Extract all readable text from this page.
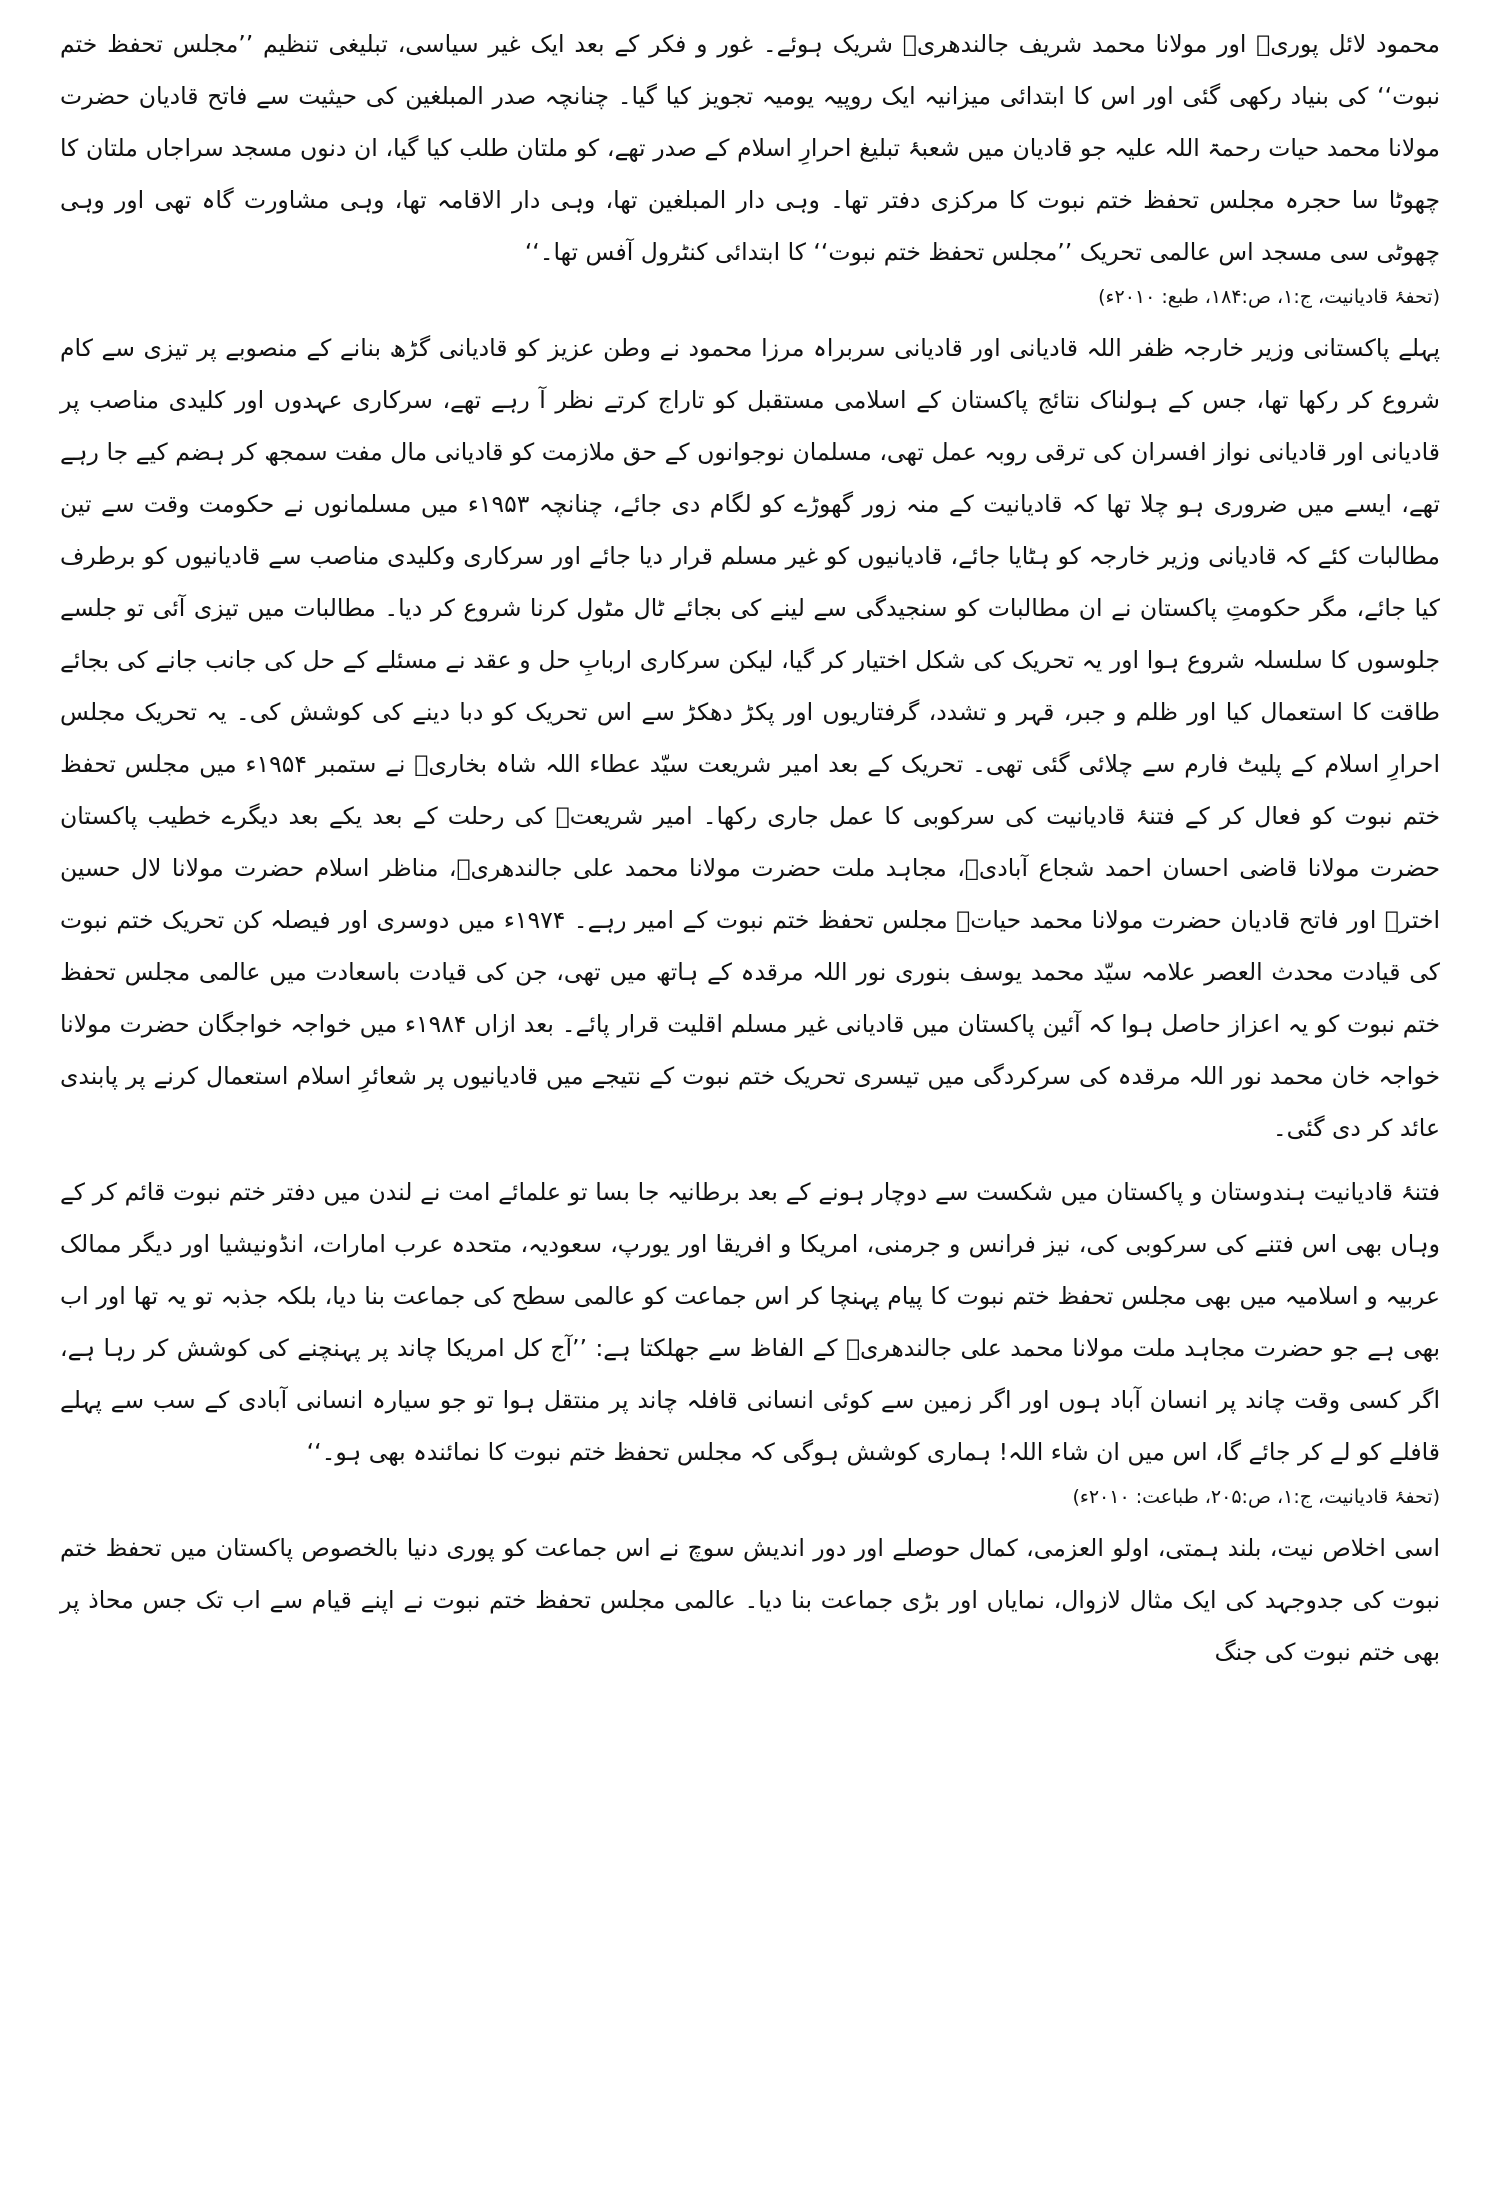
محمود لائل پوریؒ اور مولانا محمد شریف جالندھریؒ شریک ہوئے۔ غور و فکر کے بعد ایک غیر سیاسی، تبلیغی تنظیم ’’مجلس تحفظ ختم نبوت‘‘ کی بنیاد رکھی گئی اور اس کا ابتدائی میزانیہ ایک روپیہ یومیہ تجویز کیا گیا۔ چنانچہ صدر المبلغین کی حیثیت سے فاتح قادیان حضرت مولانا محمد حیات رحمۃ اللہ علیہ جو قادیان میں شعبۂ تبلیغ احرارِ اسلام کے صدر تھے، کو ملتان طلب کیا گیا، ان دنوں مسجد سراجاں ملتان کا چھوٹا سا حجرہ مجلس تحفظ ختم نبوت کا مرکزی دفتر تھا۔ وہی دار المبلغین تھا، وہی دار الاقامہ تھا، وہی مشاورت گاہ تھی اور وہی چھوٹی سی مسجد اس عالمی تحریک ’’مجلس تحفظ ختم نبوت‘‘ کا ابتدائی کنٹرول آفس تھا۔‘‘

(تحفۂ قادیانیت، ج:۱، ص:۱۸۴، طبع: ۲۰۱۰ء)

پہلے پاکستانی وزیر خارجہ ظفر اللہ قادیانی اور قادیانی سربراہ مرزا محمود نے وطن عزیز کو قادیانی گڑھ بنانے کے منصوبے پر تیزی سے کام شروع کر رکھا تھا، جس کے ہولناک نتائج پاکستان کے اسلامی مستقبل کو تاراج کرتے نظر آ رہے تھے، سرکاری عہدوں اور کلیدی مناصب پر قادیانی اور قادیانی نواز افسران کی ترقی روبہ عمل تھی، مسلمان نوجوانوں کے حق ملازمت کو قادیانی مال مفت سمجھ کر ہضم کیے جا رہے تھے، ایسے میں ضروری ہو چلا تھا کہ قادیانیت کے منہ زور گھوڑے کو لگام دی جائے، چنانچہ ۱۹۵۳ء میں مسلمانوں نے حکومت وقت سے تین مطالبات کئے کہ قادیانی وزیر خارجہ کو ہٹایا جائے، قادیانیوں کو غیر مسلم قرار دیا جائے اور سرکاری وکلیدی مناصب سے قادیانیوں کو برطرف کیا جائے، مگر حکومتِ پاکستان نے ان مطالبات کو سنجیدگی سے لینے کی بجائے ٹال مٹول کرنا شروع کر دیا۔ مطالبات میں تیزی آئی تو جلسے جلوسوں کا سلسلہ شروع ہوا اور یہ تحریک کی شکل اختیار کر گیا، لیکن سرکاری اربابِ حل و عقد نے مسئلے کے حل کی جانب جانے کی بجائے طاقت کا استعمال کیا اور ظلم و جبر، قہر و تشدد، گرفتاریوں اور پکڑ دھکڑ سے اس تحریک کو دبا دینے کی کوشش کی۔ یہ تحریک مجلس احرارِ اسلام کے پلیٹ فارم سے چلائی گئی تھی۔ تحریک کے بعد امیر شریعت سیّد عطاء اللہ شاہ بخاریؒ نے ستمبر ۱۹۵۴ء میں مجلس تحفظ ختم نبوت کو فعال کر کے فتنۂ قادیانیت کی سرکوبی کا عمل جاری رکھا۔ امیر شریعتؒ کی رحلت کے بعد یکے بعد دیگرے خطیب پاکستان حضرت مولانا قاضی احسان احمد شجاع آبادیؒ، مجاہد ملت حضرت مولانا محمد علی جالندھریؒ، مناظر اسلام حضرت مولانا لال حسین اخترؒ اور فاتح قادیان حضرت مولانا محمد حیاتؒ مجلس تحفظ ختم نبوت کے امیر رہے۔ ۱۹۷۴ء میں دوسری اور فیصلہ کن تحریک ختم نبوت کی قیادت محدث العصر علامہ سیّد محمد یوسف بنوری نور اللہ مرقدہ کے ہاتھ میں تھی، جن کی قیادت باسعادت میں عالمی مجلس تحفظ ختم نبوت کو یہ اعزاز حاصل ہوا کہ آئین پاکستان میں قادیانی غیر مسلم اقلیت قرار پائے۔ بعد ازاں ۱۹۸۴ء میں خواجہ خواجگان حضرت مولانا خواجہ خان محمد نور اللہ مرقدہ کی سرکردگی میں تیسری تحریک ختم نبوت کے نتیجے میں قادیانیوں پر شعائرِ اسلام استعمال کرنے پر پابندی عائد کر دی گئی۔

فتنۂ قادیانیت ہندوستان و پاکستان میں شکست سے دوچار ہونے کے بعد برطانیہ جا بسا تو علمائے امت نے لندن میں دفتر ختم نبوت قائم کر کے وہاں بھی اس فتنے کی سرکوبی کی، نیز فرانس و جرمنی، امریکا و افریقا اور یورپ، سعودیہ، متحدہ عرب امارات، انڈونیشیا اور دیگر ممالک عربیہ و اسلامیہ میں بھی مجلس تحفظ ختم نبوت کا پیام پہنچا کر اس جماعت کو عالمی سطح کی جماعت بنا دیا، بلکہ جذبہ تو یہ تھا اور اب بھی ہے جو حضرت مجاہد ملت مولانا محمد علی جالندھریؒ کے الفاظ سے جھلکتا ہے: ’’آج کل امریکا چاند پر پہنچنے کی کوشش کر رہا ہے، اگر کسی وقت چاند پر انسان آباد ہوں اور اگر زمین سے کوئی انسانی قافلہ چاند پر منتقل ہوا تو جو سیارہ انسانی آبادی کے سب سے پہلے قافلے کو لے کر جائے گا، اس میں ان شاء اللہ! ہماری کوشش ہوگی کہ مجلس تحفظ ختم نبوت کا نمائندہ بھی ہو۔‘‘

(تحفۂ قادیانیت، ج:۱، ص:۲۰۵، طباعت: ۲۰۱۰ء)

اسی اخلاص نیت، بلند ہمتی، اولو العزمی، کمال حوصلے اور دور اندیش سوچ نے اس جماعت کو پوری دنیا بالخصوص پاکستان میں تحفظ ختم نبوت کی جدوجہد کی ایک مثال لازوال، نمایاں اور بڑی جماعت بنا دیا۔ عالمی مجلس تحفظ ختم نبوت نے اپنے قیام سے اب تک جس محاذ پر بھی ختم نبوت کی جنگ
